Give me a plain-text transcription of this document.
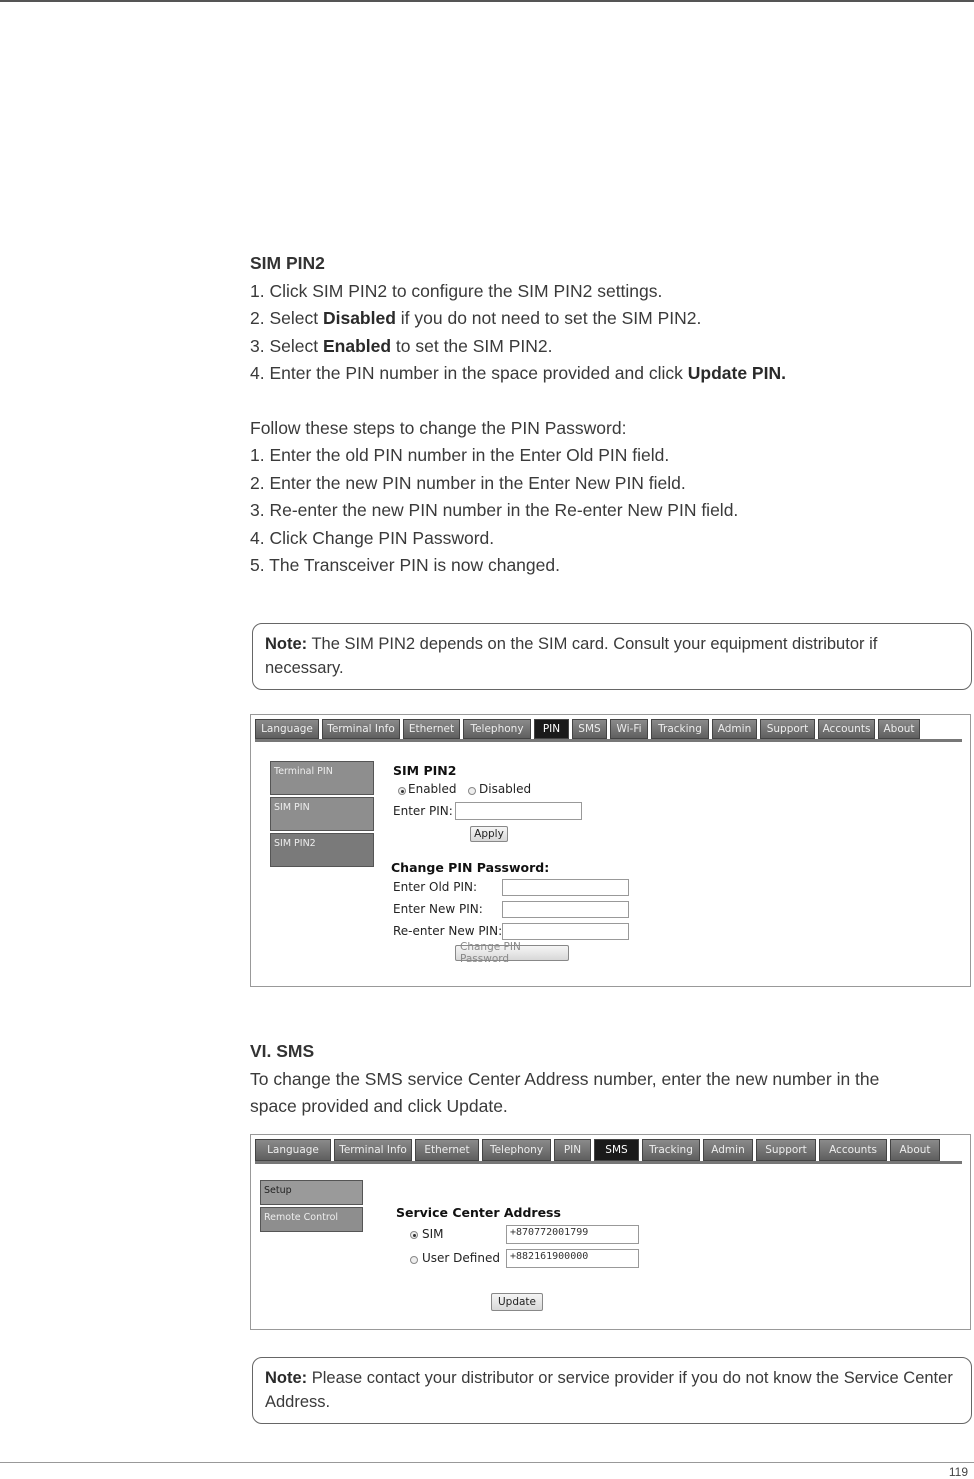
SIM PIN2
1. Click SIM PIN2 to configure the SIM PIN2 settings.
2. Select Disabled if you do not need to set the SIM PIN2.
3. Select Enabled to set the SIM PIN2.
4. Enter the PIN number in the space provided and click Update PIN.
Follow these steps to change the PIN Password:
1. Enter the old PIN number in the Enter Old PIN field.
2. Enter the new PIN number in the Enter New PIN field.
3. Re-enter the new PIN number in the Re-enter New PIN field.
4. Click Change PIN Password.
5. The Transceiver PIN is now changed.
Note: The SIM PIN2 depends on the SIM card. Consult your equipment distributor if necessary.
Language	Terminal Info	Ethernet	Telephony	PIN	SMS	Wi-Fi	Tracking	Admin	Support	Accounts	About
Terminal PIN
SIM PIN
SIM PIN2
SIM PIN2
Enabled Disabled
Enter PIN:
Apply
Change PIN Password:
Enter Old PIN:
Enter New PIN:
Re-enter New PIN:
Change PIN Password
VI. SMS
To change the SMS service Center Address number, enter the new number in the
space provided and click Update.
Language	Terminal Info	Ethernet	Telephony	PIN	SMS	Tracking	Admin	Support	Accounts	About
Setup
Remote Control	Service Center Address
SIM	+870772001799
User Defined	+882161900000
Update
Note: Please contact your distributor or service provider if you do not know the Service Center Address.
119
